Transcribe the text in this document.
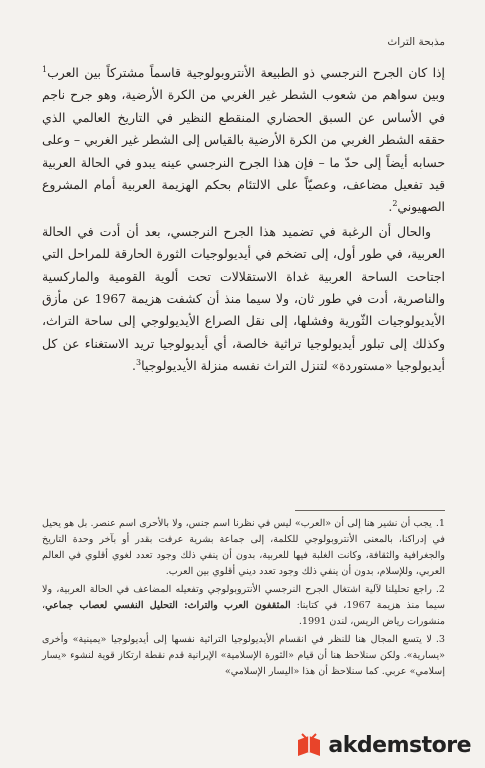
مذبحة التراث

إذا كان الجرح النرجسي ذو الطبيعة الأنتروبولوجية قاسماً مشتركاً بين العرب$^1$ وبين سواهم من شعوب الشطر غير الغربي من الكرة الأرضية، وهو جرح ناجم في الأساس عن السبق الحضاري المنقطع النظير في التاريخ العالمي الذي حققه الشطر الغربي من الكرة الأرضية بالقياس إلى الشطر غير الغربي – وعلى حسابه أيضاً إلى حدّ ما – فإن هذا الجرح النرجسي عينه يبدو في الحالة العربية قيد تفعيل مضاعف، وعصيّاً على الالتئام بحكم الهزيمة العربية أمام المشروع الصهيوني$^2$.

والحال أن الرغبة في تضميد هذا الجرح النرجسي، بعد أن أدت في الحالة العربية، في طور أول، إلى تضخم في أيديولوجيات الثورة الحارقة للمراحل التي اجتاحت الساحة العربية غداة الاستقلالات تحت ألوية القومية والماركسية والناصرية، أدت في طور ثان، ولا سيما منذ أن كشفت هزيمة 1967 عن مأزق الأيديولوجيات الثّورية وفشلها، إلى نقل الصراع الأيديولوجي إلى ساحة التراث، وكذلك إلى تبلور أيديولوجيا تراثية خالصة، أي أيديولوجيا تريد الاستغناء عن كل أيديولوجيا «مستوردة» لتنزل التراث نفسه منزلة الأيديولوجيا$^3$.

1.يجب أن نشير هنا إلى أن «العرب» ليس في نظرنا اسم جنس، ولا بالأحرى اسم عنصر. بل هو يحيل في إدراكنا، بالمعنى الأنتروبولوجي للكلمة، إلى جماعة بشرية عرفت بقدر أو بآخر وحدة التاريخ والجغرافية والثقافة، وكانت الغلبة فيها للعربية، بدون أن ينفي ذلك وجود تعدد لغوي أقلوي في العالم العربي، وللإسلام، بدون أن ينفي ذلك وجود تعدد ديني أقلوي بين العرب.

2.راجع تحليلنا لآلية اشتغال الجرح النرجسي الأنتروبولوجي وتفعيله المضاعف في الحالة العربية، ولا سيما منذ هزيمة 1967، في كتابنا: المثقفون العرب والتراث: التحليل النفسي لعصاب جماعي، منشورات رياض الريس، لندن 1991.

3.لا يتسع المجال هنا للنظر في انقسام الأيديولوجيا التراثية نفسها إلى أيديولوجيا «يمينية» وأخرى «يسارية». ولكن سنلاحظ هنا أن قيام «الثورة الإسلامية» الإيرانية قدم نقطة ارتكاز قوية لنشوء «يسار إسلامي» عربي. كما سنلاحظ أن هذا «اليسار الإسلامي»

akdemstore
